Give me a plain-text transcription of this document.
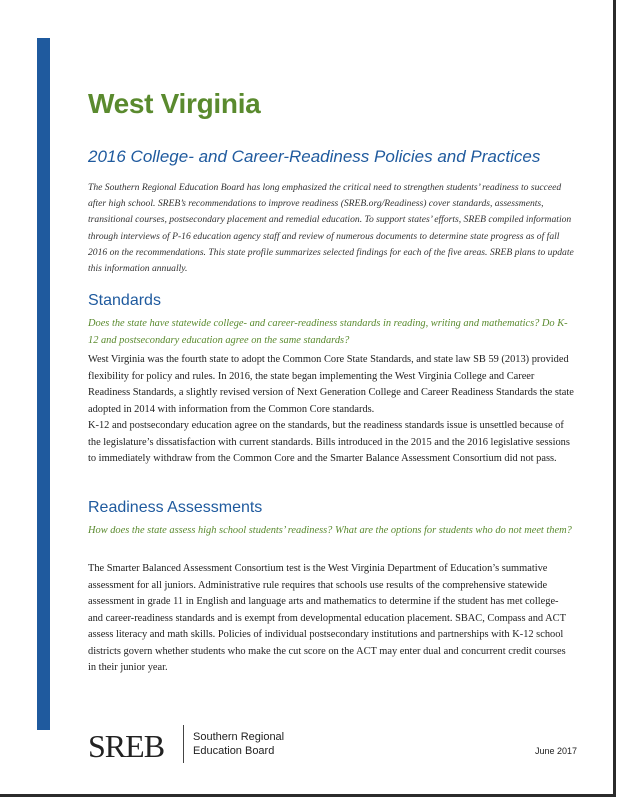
West Virginia
2016 College- and Career-Readiness Policies and Practices
The Southern Regional Education Board has long emphasized the critical need to strengthen students’ readiness to succeed after high school. SREB’s recommendations to improve readiness (SREB.org/Readiness) cover standards, assessments, transitional courses, postsecondary placement and remedial education. To support states’ efforts, SREB compiled information through interviews of P-16 education agency staff and review of numerous documents to determine state progress as of fall 2016 on the recommendations. This state profile summarizes selected findings for each of the five areas. SREB plans to update this information annually.
Standards
Does the state have statewide college- and career-readiness standards in reading, writing and mathematics? Do K-12 and postsecondary education agree on the same standards?
West Virginia was the fourth state to adopt the Common Core State Standards, and state law SB 59 (2013) provided flexibility for policy and rules. In 2016, the state began implementing the West Virginia College and Career Readiness Standards, a slightly revised version of Next Generation College and Career Readiness Standards the state adopted in 2014 with information from the Common Core standards.
K-12 and postsecondary education agree on the standards, but the readiness standards issue is unsettled because of the legislature’s dissatisfaction with current standards. Bills introduced in the 2015 and the 2016 legislative sessions to immediately withdraw from the Common Core and the Smarter Balance Assessment Consortium did not pass.
Readiness Assessments
How does the state assess high school students’ readiness? What are the options for students who do not meet them?
The Smarter Balanced Assessment Consortium test is the West Virginia Department of Education’s summative assessment for all juniors. Administrative rule requires that schools use results of the comprehensive statewide assessment in grade 11 in English and language arts and mathematics to determine if the student has met college- and career-readiness standards and is exempt from developmental education placement. SBAC, Compass and ACT assess literacy and math skills. Policies of individual postsecondary institutions and partnerships with K-12 school districts govern whether students who make the cut score on the ACT may enter dual and concurrent credit courses in their junior year.
SREB	Southern Regional
Education Board	June 2017
